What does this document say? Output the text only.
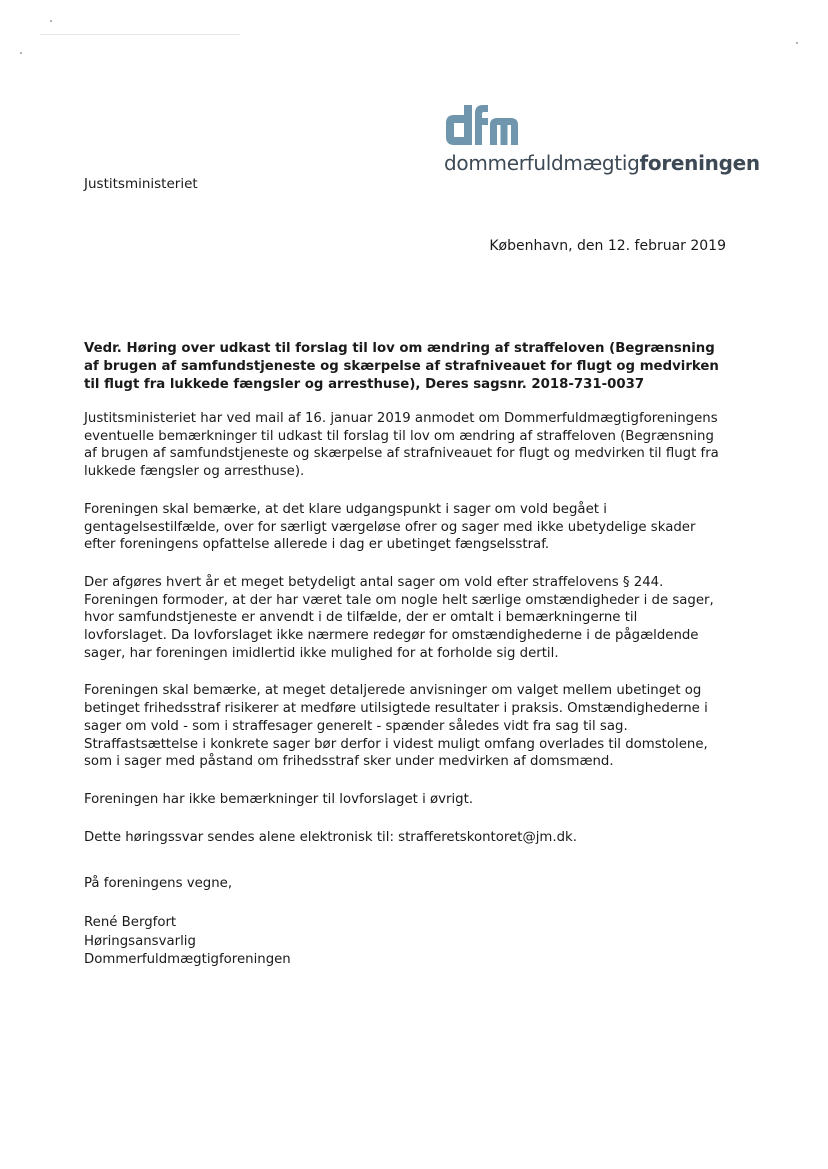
dommerfuldmægtigforeningen
Justitsministeriet
København, den 12. februar 2019
Vedr. Høring over udkast til forslag til lov om ændring af straffeloven (Begrænsning af brugen af samfundstjeneste og skærpelse af strafniveauet for flugt og medvirken til flugt fra lukkede fængsler og arresthuse), Deres sagsnr. 2018-731-0037

Justitsministeriet har ved mail af 16. januar 2019 anmodet om Dommerfuldmægtigforeningens eventuelle bemærkninger til udkast til forslag til lov om ændring af straffeloven (Begrænsning af brugen af samfundstjeneste og skærpelse af strafniveauet for flugt og medvirken til flugt fra lukkede fængsler og arresthuse).

Foreningen skal bemærke, at det klare udgangspunkt i sager om vold begået i gentagelsestilfælde, over for særligt værgeløse ofrer og sager med ikke ubetydelige skader efter foreningens opfattelse allerede i dag er ubetinget fængselsstraf.

Der afgøres hvert år et meget betydeligt antal sager om vold efter straffelovens § 244. Foreningen formoder, at der har været tale om nogle helt særlige omstændigheder i de sager, hvor samfundstjeneste er anvendt i de tilfælde, der er omtalt i bemærkningerne til lovforslaget. Da lovforslaget ikke nærmere redegør for omstændighederne i de pågældende sager, har foreningen imidlertid ikke mulighed for at forholde sig dertil.

Foreningen skal bemærke, at meget detaljerede anvisninger om valget mellem ubetinget og betinget frihedsstraf risikerer at medføre utilsigtede resultater i praksis. Omstændighederne i sager om vold - som i straffesager generelt - spænder således vidt fra sag til sag. Straffastsættelse i konkrete sager bør derfor i videst muligt omfang overlades til domstolene, som i sager med påstand om frihedsstraf sker under medvirken af domsmænd.

Foreningen har ikke bemærkninger til lovforslaget i øvrigt.

Dette høringssvar sendes alene elektronisk til: strafferetskontoret@jm.dk.

På foreningens vegne,
René Bergfort
Høringsansvarlig
Dommerfuldmægtigforeningen
